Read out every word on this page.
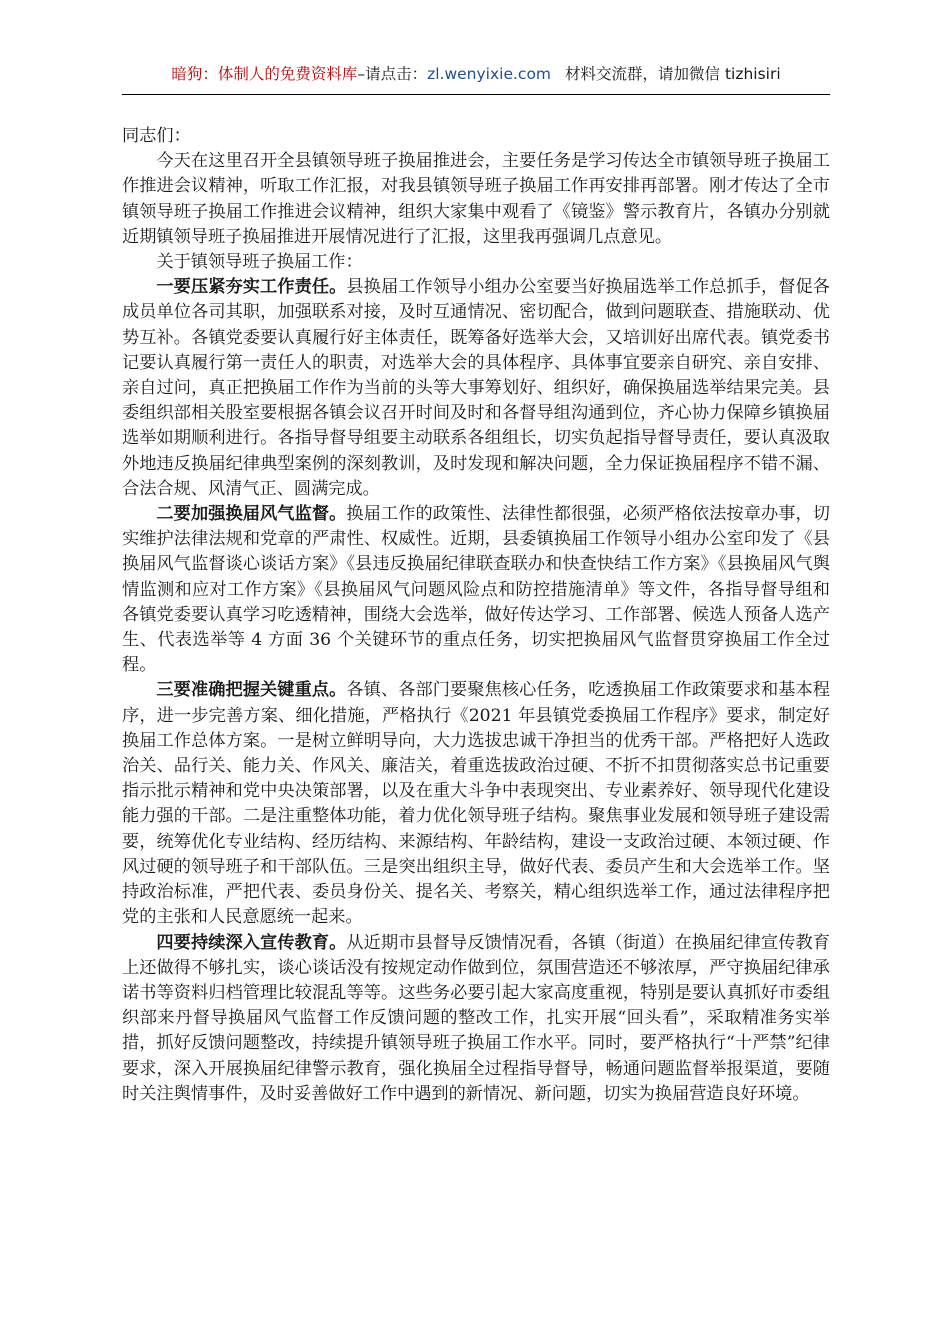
暗狗：体制人的免费资料库–请点击：zl.wenyixie.com 材料交流群，请加微信 tizhisiri

同志们：

今天在这里召开全县镇领导班子换届推进会，主要任务是学习传达全市镇领导班子换届工作推进会议精神，听取工作汇报，对我县镇领导班子换届工作再安排再部署。刚才传达了全市镇领导班子换届工作推进会议精神，组织大家集中观看了《镜鉴》警示教育片，各镇办分别就近期镇领导班子换届推进开展情况进行了汇报，这里我再强调几点意见。

关于镇领导班子换届工作：

一要压紧夯实工作责任。县换届工作领导小组办公室要当好换届选举工作总抓手，督促各成员单位各司其职，加强联系对接，及时互通情况、密切配合，做到问题联查、措施联动、优势互补。各镇党委要认真履行好主体责任，既筹备好选举大会，又培训好出席代表。镇党委书记要认真履行第一责任人的职责，对选举大会的具体程序、具体事宜要亲自研究、亲自安排、亲自过问，真正把换届工作作为当前的头等大事筹划好、组织好，确保换届选举结果完美。县委组织部相关股室要根据各镇会议召开时间及时和各督导组沟通到位，齐心协力保障乡镇换届选举如期顺利进行。各指导督导组要主动联系各组组长，切实负起指导督导责任，要认真汲取外地违反换届纪律典型案例的深刻教训，及时发现和解决问题，全力保证换届程序不错不漏、合法合规、风清气正、圆满完成。

二要加强换届风气监督。换届工作的政策性、法律性都很强，必须严格依法按章办事，切实维护法律法规和党章的严肃性、权威性。近期，县委镇换届工作领导小组办公室印发了《县换届风气监督谈心谈话方案》《县违反换届纪律联查联办和快查快结工作方案》《县换届风气舆情监测和应对工作方案》《县换届风气问题风险点和防控措施清单》等文件，各指导督导组和各镇党委要认真学习吃透精神，围绕大会选举，做好传达学习、工作部署、候选人预备人选产生、代表选举等 4 方面 36 个关键环节的重点任务，切实把换届风气监督贯穿换届工作全过程。

三要准确把握关键重点。各镇、各部门要聚焦核心任务，吃透换届工作政策要求和基本程序，进一步完善方案、细化措施，严格执行《2021 年县镇党委换届工作程序》要求，制定好换届工作总体方案。一是树立鲜明导向，大力选拔忠诚干净担当的优秀干部。严格把好人选政治关、品行关、能力关、作风关、廉洁关，着重选拔政治过硬、不折不扣贯彻落实总书记重要指示批示精神和党中央决策部署，以及在重大斗争中表现突出、专业素养好、领导现代化建设能力强的干部。二是注重整体功能，着力优化领导班子结构。聚焦事业发展和领导班子建设需要，统筹优化专业结构、经历结构、来源结构、年龄结构，建设一支政治过硬、本领过硬、作风过硬的领导班子和干部队伍。三是突出组织主导，做好代表、委员产生和大会选举工作。坚持政治标准，严把代表、委员身份关、提名关、考察关，精心组织选举工作，通过法律程序把党的主张和人民意愿统一起来。

四要持续深入宣传教育。从近期市县督导反馈情况看，各镇（街道）在换届纪律宣传教育上还做得不够扎实，谈心谈话没有按规定动作做到位，氛围营造还不够浓厚，严守换届纪律承诺书等资料归档管理比较混乱等等。这些务必要引起大家高度重视，特别是要认真抓好市委组织部来丹督导换届风气监督工作反馈问题的整改工作，扎实开展“回头看”，采取精准务实举措，抓好反馈问题整改，持续提升镇领导班子换届工作水平。同时，要严格执行“十严禁”纪律要求，深入开展换届纪律警示教育，强化换届全过程指导督导，畅通问题监督举报渠道，要随时关注舆情事件，及时妥善做好工作中遇到的新情况、新问题，切实为换届营造良好环境。
